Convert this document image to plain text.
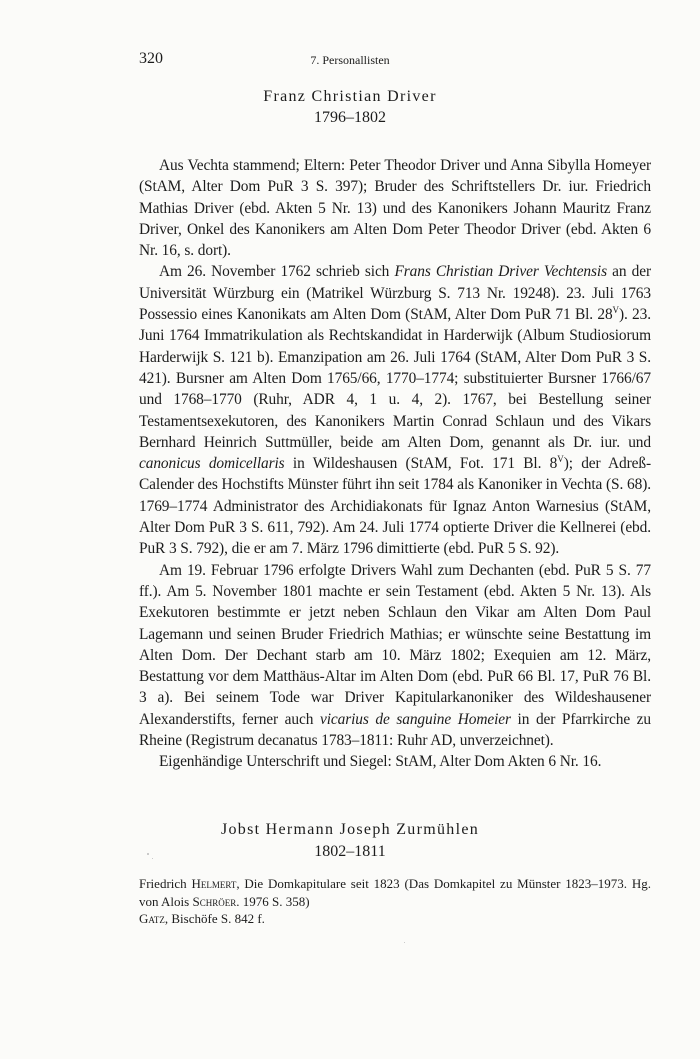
320	7. Personallisten
Franz Christian Driver
1796–1802

Aus Vechta stammend; Eltern: Peter Theodor Driver und Anna Sibylla Homeyer (StAM, Alter Dom PuR 3 S. 397); Bruder des Schriftstellers Dr. iur. Friedrich Mathias Driver (ebd. Akten 5 Nr. 13) und des Kanonikers Johann Mauritz Franz Driver, Onkel des Kanonikers am Alten Dom Peter Theodor Driver (ebd. Akten 6 Nr. 16, s. dort).

Am 26. November 1762 schrieb sich Frans Christian Driver Vechtensis an der Universität Würzburg ein (Matrikel Würzburg S. 713 Nr. 19248). 23. Juli 1763 Possessio eines Kanonikats am Alten Dom (StAM, Alter Dom PuR 71 Bl. $28^V$). 23. Juni 1764 Immatrikulation als Rechtskandidat in Harderwijk (Album Studiosiorum Harderwijk S. 121 b). Emanzipation am 26. Juli 1764 (StAM, Alter Dom PuR 3 S. 421). Bursner am Alten Dom 1765/66, 1770–1774; substituierter Bursner 1766/67 und 1768–1770 (Ruhr, ADR 4, 1 u. 4, 2). 1767, bei Bestellung seiner Testamentsexekutoren, des Kanonikers Martin Conrad Schlaun und des Vikars Bernhard Heinrich Suttmüller, beide am Alten Dom, genannt als Dr. iur. und canonicus domicellaris in Wildeshausen (StAM, Fot. 171 Bl. $8^V$); der Adreß-Calender des Hochstifts Münster führt ihn seit 1784 als Kanoniker in Vechta (S. 68). 1769–1774 Administrator des Archidiakonats für Ignaz Anton Warnesius (StAM, Alter Dom PuR 3 S. 611, 792). Am 24. Juli 1774 optierte Driver die Kellnerei (ebd. PuR 3 S. 792), die er am 7. März 1796 dimittierte (ebd. PuR 5 S. 92).

Am 19. Februar 1796 erfolgte Drivers Wahl zum Dechanten (ebd. PuR 5 S. 77 ff.). Am 5. November 1801 machte er sein Testament (ebd. Akten 5 Nr. 13). Als Exekutoren bestimmte er jetzt neben Schlaun den Vikar am Alten Dom Paul Lagemann und seinen Bruder Friedrich Mathias; er wünschte seine Bestattung im Alten Dom. Der Dechant starb am 10. März 1802; Exequien am 12. März, Bestattung vor dem Matthäus-Altar im Alten Dom (ebd. PuR 66 Bl. 17, PuR 76 Bl. 3 a). Bei seinem Tode war Driver Kapitularkanoniker des Wildeshausener Alexanderstifts, ferner auch vicarius de sanguine Homeier in der Pfarrkirche zu Rheine (Registrum decanatus 1783–1811: Ruhr AD, unverzeichnet).

Eigenhändige Unterschrift und Siegel: StAM, Alter Dom Akten 6 Nr. 16.

Jobst Hermann Joseph Zurmühlen
1802–1811

Friedrich Helmert, Die Domkapitulare seit 1823 (Das Domkapitel zu Münster 1823–1973. Hg. von Alois Schröer. 1976 S. 358)

Gatz, Bischöfe S. 842 f.
